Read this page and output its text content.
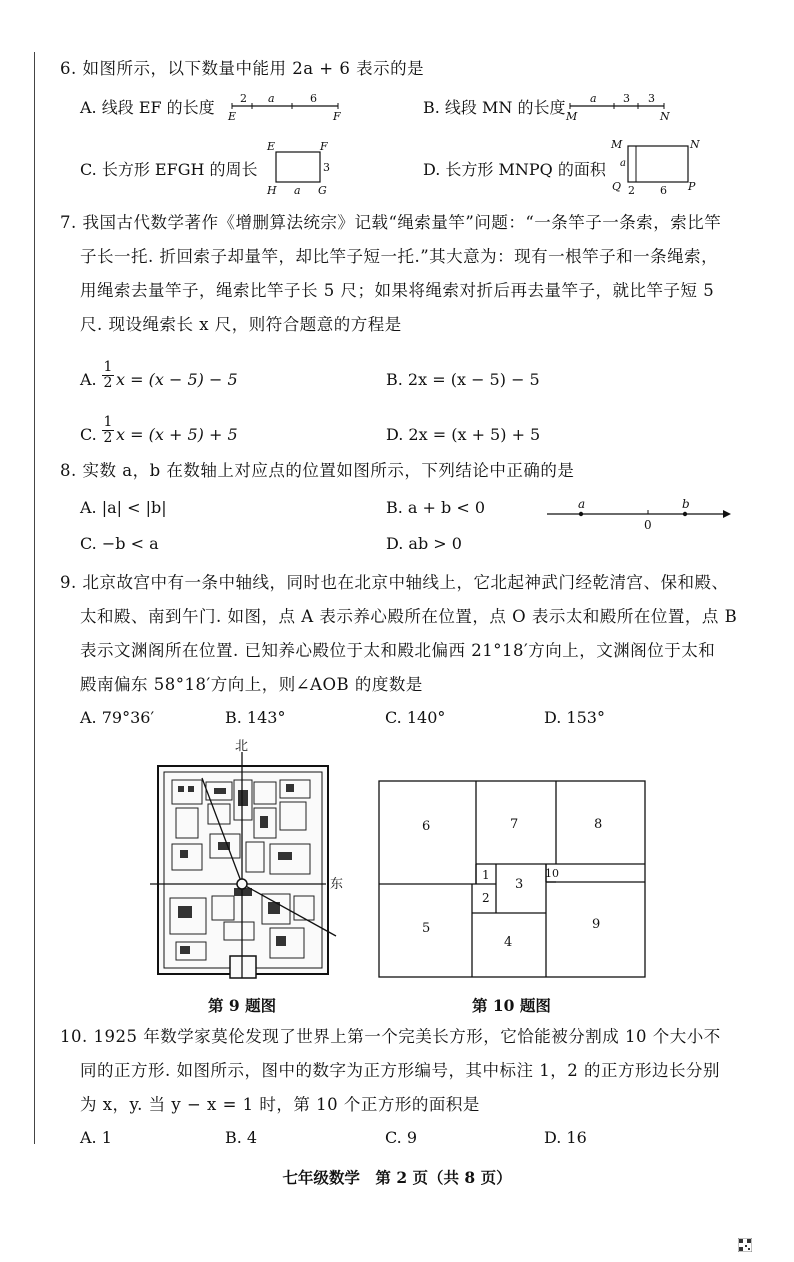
6. 如图所示，以下数量中能用 2a + 6 表示的是
A. 线段 EF 的长度 2 a	6
E	F	B. 线段 MN 的长度 a 3 3
M	N
C. 长方形 EFGH 的周长
E	F
H	G
a
3	D. 长方形 MNPQ 的面积
M	N
Q	P
a
2 6
7. 我国古代数学著作《增删算法统宗》记载“绳索量竿”问题：“一条竿子一条索，索比竿
子长一托. 折回索子却量竿，却比竿子短一托.”其大意为：现有一根竿子和一条绳索，
用绳索去量竿子，绳索比竿子长 5 尺；如果将绳索对折后再去量竿子，就比竿子短 5
尺. 现设绳索长 x 尺，则符合题意的方程是
A. $\frac{1}{2}$ x = (x − 5) − 5	B. 2x = (x − 5) − 5
C. $\frac{1}{2}$ x = (x + 5) + 5	D. 2x = (x + 5) + 5
8. 实数 a，b 在数轴上对应点的位置如图所示，下列结论中正确的是
A. |a| < |b|	B. a + b < 0
C. −b < a	D. ab > 0
a
0
b
9. 北京故宫中有一条中轴线，同时也在北京中轴线上，它北起神武门经乾清宫、保和殿、
太和殿、南到午门. 如图，点 A 表示养心殿所在位置，点 O 表示太和殿所在位置，点 B
表示文渊阁所在位置. 已知养心殿位于太和殿北偏西 21°18′方向上，文渊阁位于太和
殿南偏东 58°18′方向上，则∠AOB 的度数是
A. 79°36′	B. 143°	C. 140°	D. 153°
北
东
第 9 题图
6	7	8
1
3
10
2
5
4
9
第 10 题图
10. 1925 年数学家莫伦发现了世界上第一个完美长方形，它恰能被分割成 10 个大小不
同的正方形. 如图所示，图中的数字为正方形编号，其中标注 1，2 的正方形边长分别
为 x，y. 当 y − x = 1 时，第 10 个正方形的面积是
A. 1	B. 4	C. 9	D. 16
七年级数学　第 2 页（共 8 页）
